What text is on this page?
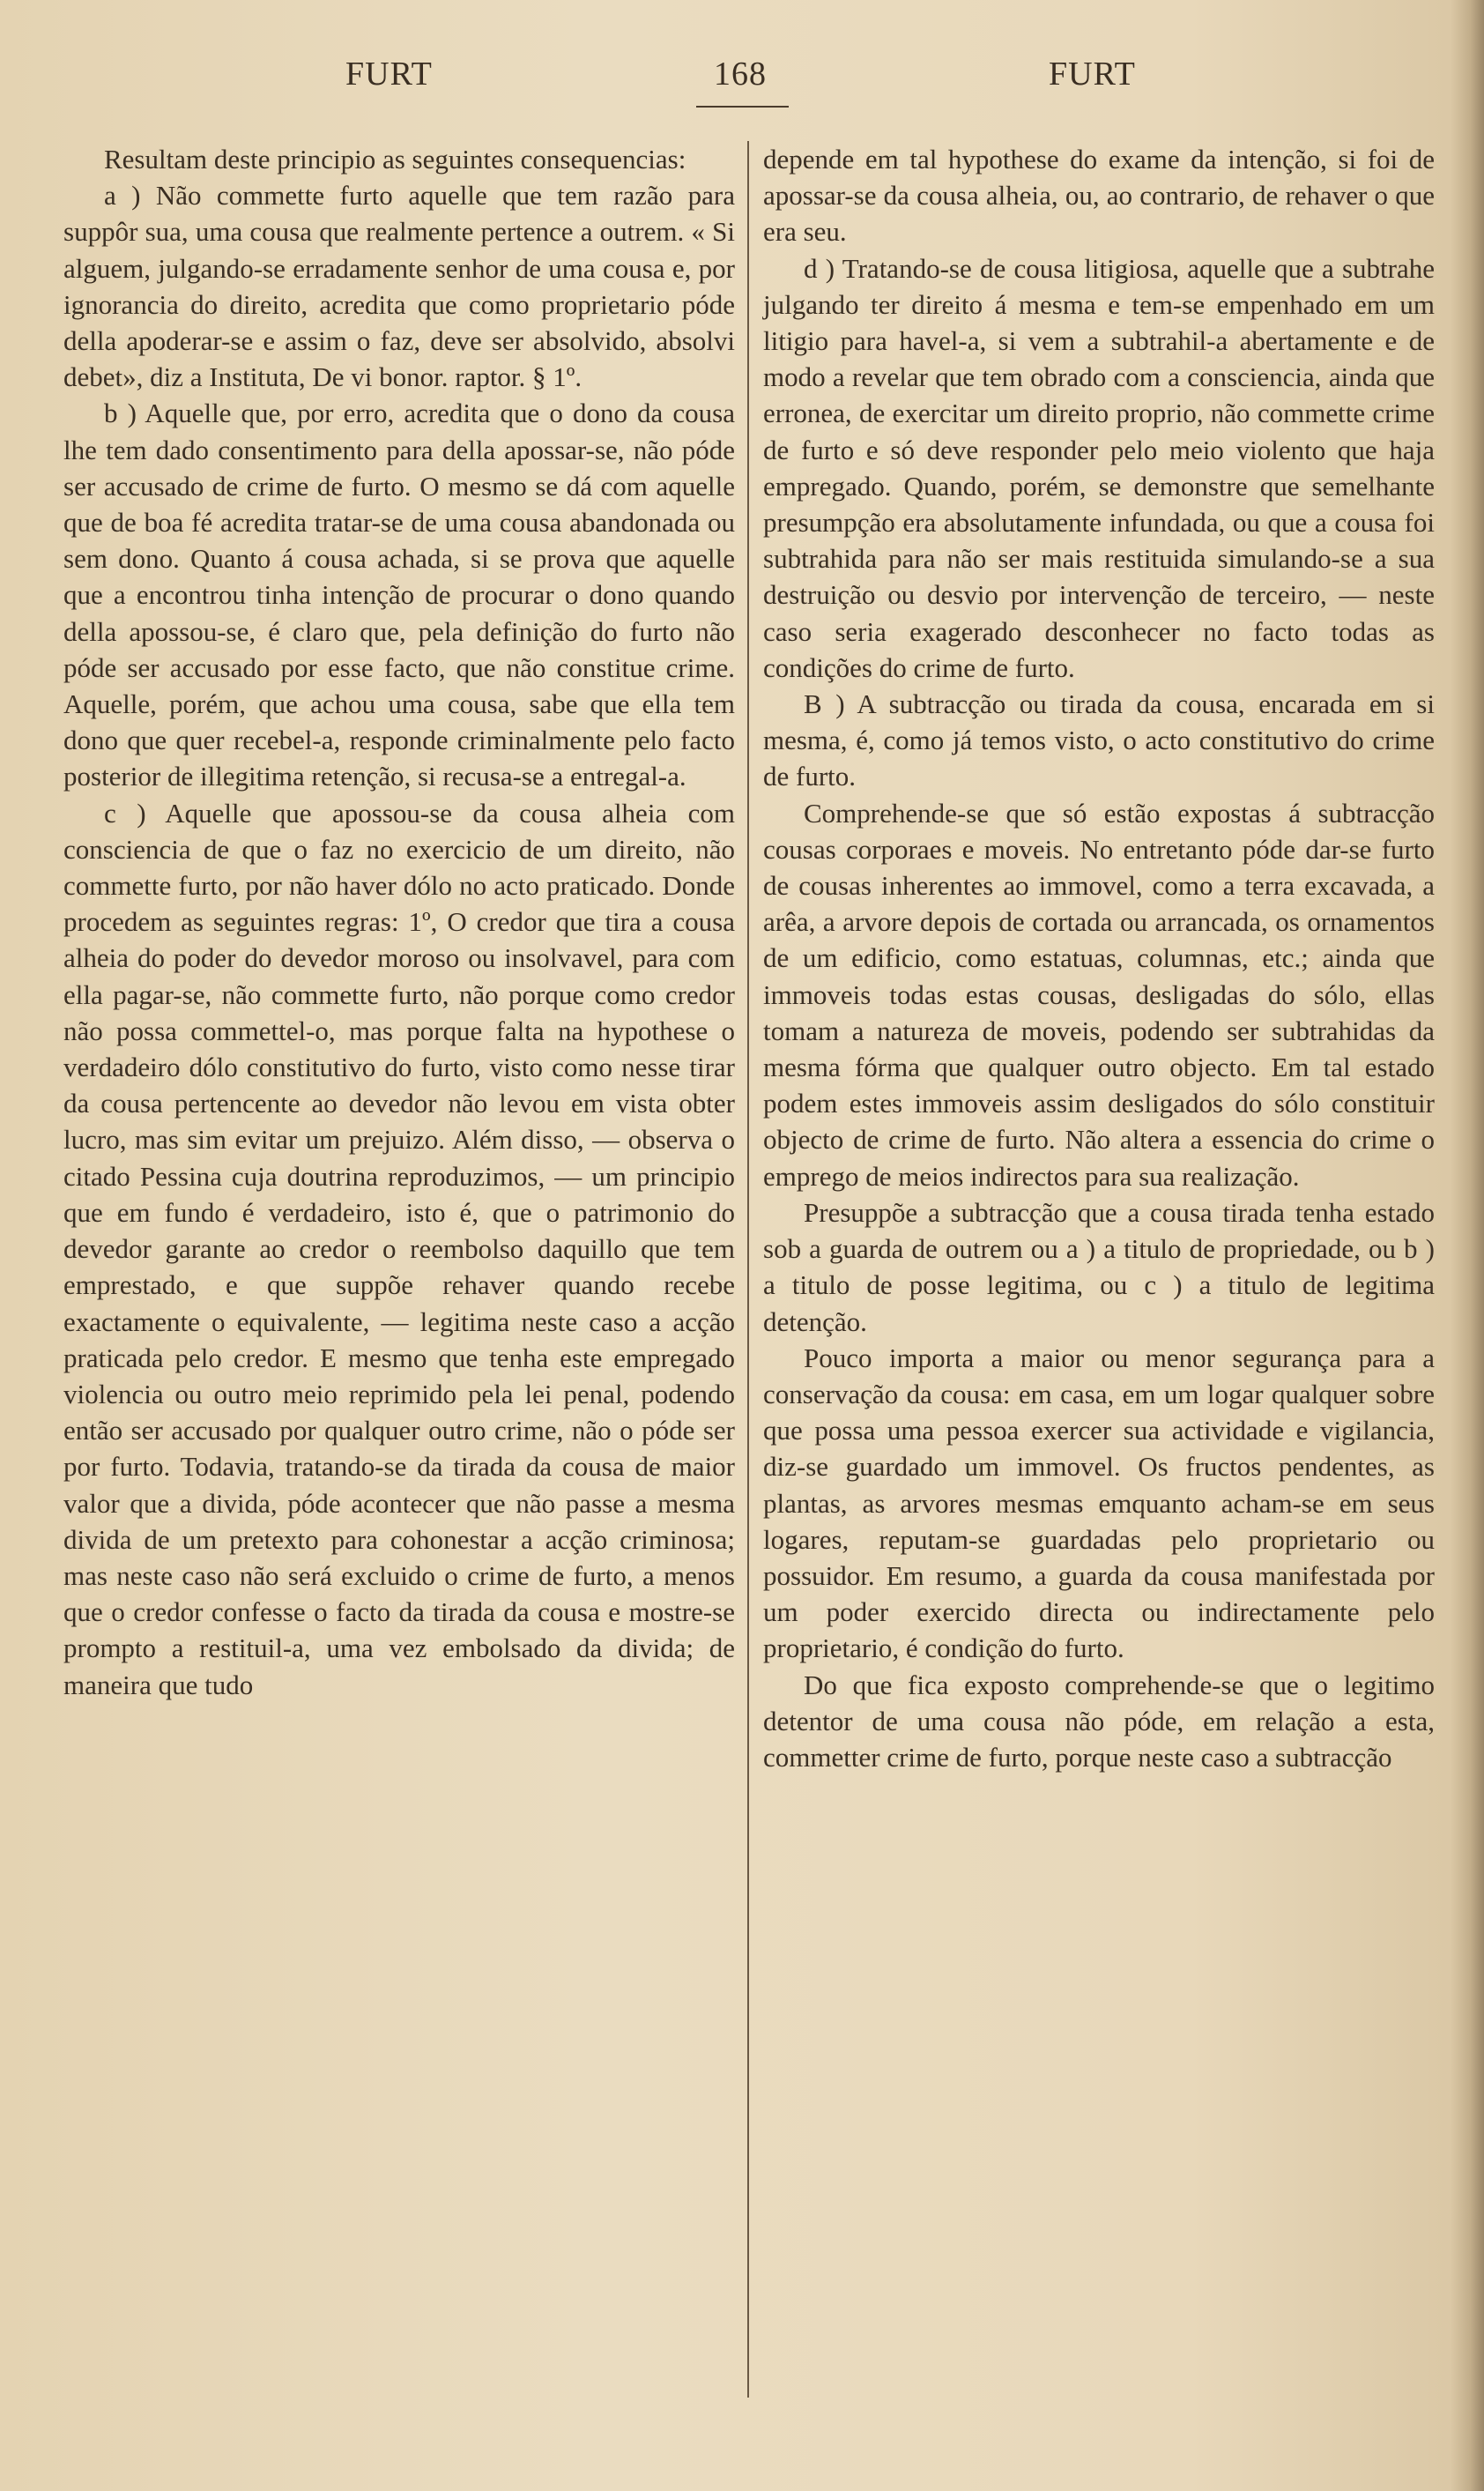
FURT	168	FURT

Resultam deste principio as seguintes consequencias:

a ) Não commette furto aquelle que tem razão para suppôr sua, uma cousa que realmente pertence a outrem. « Si alguem, julgando-se erradamente senhor de uma cousa e, por ignorancia do direito, acredita que como proprietario póde della apoderar-se e assim o faz, deve ser absolvido, absolvi debet», diz a Instituta, De vi bonor. raptor. § 1º.

b ) Aquelle que, por erro, acredita que o dono da cousa lhe tem dado consentimento para della apossar-se, não póde ser accusado de crime de furto. O mesmo se dá com aquelle que de boa fé acredita tratar-se de uma cousa abandonada ou sem dono. Quanto á cousa achada, si se prova que aquelle que a encontrou tinha intenção de procurar o dono quando della apossou-se, é claro que, pela definição do furto não póde ser accusado por esse facto, que não constitue crime. Aquelle, porém, que achou uma cousa, sabe que ella tem dono que quer recebel-a, responde criminalmente pelo facto posterior de illegitima retenção, si recusa-se a entregal-a.

c ) Aquelle que apossou-se da cousa alheia com consciencia de que o faz no exercicio de um direito, não commette furto, por não haver dólo no acto praticado. Donde procedem as seguintes regras: 1º, O credor que tira a cousa alheia do poder do devedor moroso ou insolvavel, para com ella pagar-se, não commette furto, não porque como credor não possa commettel-o, mas porque falta na hypothese o verdadeiro dólo constitutivo do furto, visto como nesse tirar da cousa pertencente ao devedor não levou em vista obter lucro, mas sim evitar um prejuizo. Além disso, — observa o citado Pessina cuja doutrina reproduzimos, — um principio que em fundo é verdadeiro, isto é, que o patrimonio do devedor garante ao credor o reembolso daquillo que tem emprestado, e que suppõe rehaver quando recebe exactamente o equivalente, — legitima neste caso a acção praticada pelo credor. E mesmo que tenha este empregado violencia ou outro meio reprimido pela lei penal, podendo então ser accusado por qualquer outro crime, não o póde ser por furto. Todavia, tratando-se da tirada da cousa de maior valor que a divida, póde acontecer que não passe a mesma divida de um pretexto para cohonestar a acção criminosa; mas neste caso não será excluido o crime de furto, a menos que o credor confesse o facto da tirada da cousa e mostre-se prompto a restituil-a, uma vez embolsado da divida; de maneira que tudo

depende em tal hypothese do exame da intenção, si foi de apossar-se da cousa alheia, ou, ao contrario, de rehaver o que era seu.

d ) Tratando-se de cousa litigiosa, aquelle que a subtrahe julgando ter direito á mesma e tem-se empenhado em um litigio para havel-a, si vem a subtrahil-a abertamente e de modo a revelar que tem obrado com a consciencia, ainda que erronea, de exercitar um direito proprio, não commette crime de furto e só deve responder pelo meio violento que haja empregado. Quando, porém, se demonstre que semelhante presumpção era absolutamente infundada, ou que a cousa foi subtrahida para não ser mais restituida simulando-se a sua destruição ou desvio por intervenção de terceiro, — neste caso seria exagerado desconhecer no facto todas as condições do crime de furto.

B ) A subtracção ou tirada da cousa, encarada em si mesma, é, como já temos visto, o acto constitutivo do crime de furto.

Comprehende-se que só estão expostas á subtracção cousas corporaes e moveis. No entretanto póde dar-se furto de cousas inherentes ao immovel, como a terra excavada, a arêa, a arvore depois de cortada ou arrancada, os ornamentos de um edificio, como estatuas, columnas, etc.; ainda que immoveis todas estas cousas, desligadas do sólo, ellas tomam a natureza de moveis, podendo ser subtrahidas da mesma fórma que qualquer outro objecto. Em tal estado podem estes immoveis assim desligados do sólo constituir objecto de crime de furto. Não altera a essencia do crime o emprego de meios indirectos para sua realização.

Presuppõe a subtracção que a cousa tirada tenha estado sob a guarda de outrem ou a ) a titulo de propriedade, ou b ) a titulo de posse legitima, ou c ) a titulo de legitima detenção.

Pouco importa a maior ou menor segurança para a conservação da cousa: em casa, em um logar qualquer sobre que possa uma pessoa exercer sua actividade e vigilancia, diz-se guardado um immovel. Os fructos pendentes, as plantas, as arvores mesmas emquanto acham-se em seus logares, reputam-se guardadas pelo proprietario ou possuidor. Em resumo, a guarda da cousa manifestada por um poder exercido directa ou indirectamente pelo proprietario, é condição do furto.

Do que fica exposto comprehende-se que o legitimo detentor de uma cousa não póde, em relação a esta, commetter crime de furto, porque neste caso a subtracção
